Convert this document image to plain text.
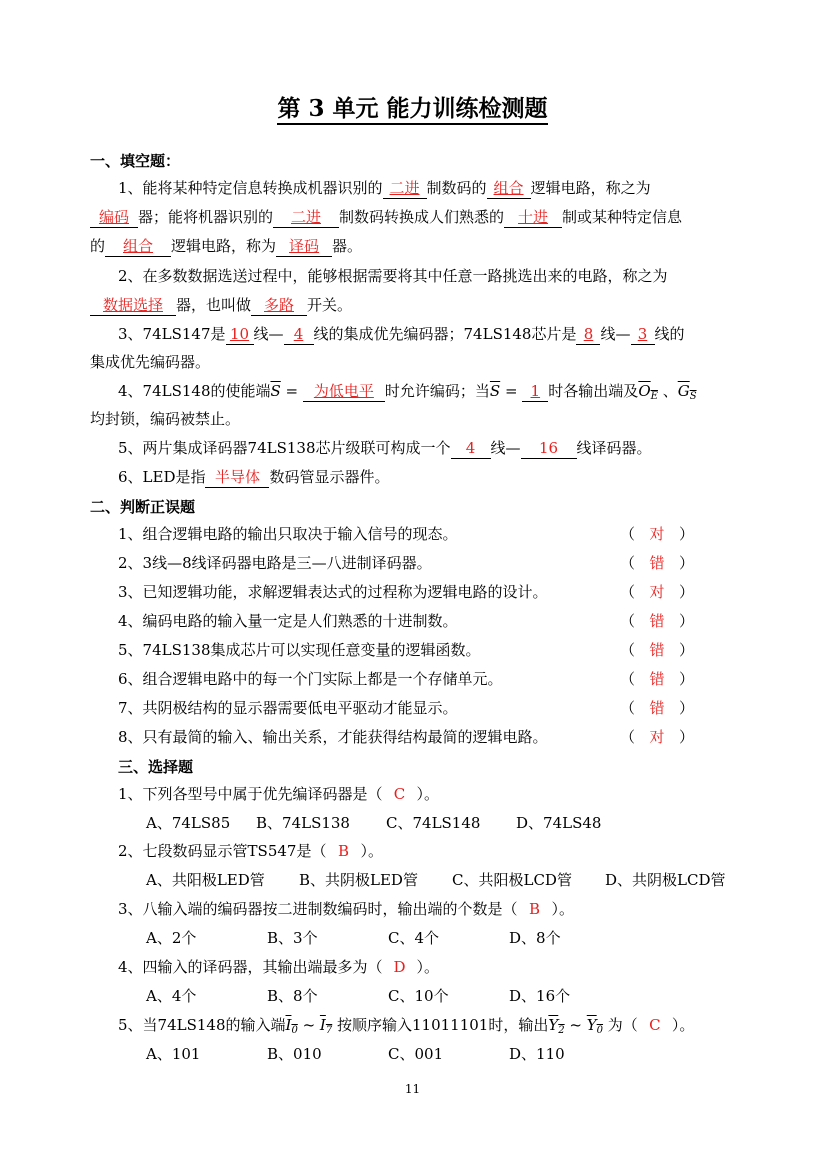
第 3 单元 能力训练检测题
一、填空题：
1、能将某种特定信息转换成机器识别的 二进 制数码的 组合 逻辑电路，称之为
编码 器；能将机器识别的 二进 制数码转换成人们熟悉的 十进 制或某种特定信息
的 组合 逻辑电路，称为 译码 器。
2、在多数数据选送过程中，能够根据需要将其中任意一路挑选出来的电路，称之为
数据选择 器，也叫做 多路 开关。
3、74LS147是 10 线— 4 线的集成优先编码器；74LS148芯片是 8 线— 3 线的
集成优先编码器。
4、74LS148的使能端$\overline{S}$ = 为低电平 时允许编码；当$\overline{S} = 1$ 时各输出端及$O_E$ 、$G_S$
均封锁，编码被禁止。
5、两片集成译码器74LS138芯片级联可构成一个 4 线— 16 线译码器。
6、LED是指 半导体 数码管显示器件。
二、判断正误题
1、组合逻辑电路的输出只取决于输入信号的现态。	（ 对 ）
2、3线—8线译码器电路是三—八进制译码器。	（ 错 ）
3、已知逻辑功能，求解逻辑表达式的过程称为逻辑电路的设计。	（ 对 ）
4、编码电路的输入量一定是人们熟悉的十进制数。	（ 错 ）
5、74LS138集成芯片可以实现任意变量的逻辑函数。	（ 错 ）
6、组合逻辑电路中的每一个门实际上都是一个存储单元。	（ 错 ）
7、共阴极结构的显示器需要低电平驱动才能显示。	（ 错 ）
8、只有最简的输入、输出关系，才能获得结构最简的逻辑电路。	（ 对 ）
三、选择题
1、下列各型号中属于优先编译码器是（ C ）。
A、74LS85 B、74LS138 C、74LS148 D、74LS48
2、七段数码显示管TS547是（ B ）。
A、共阳极LED管 B、共阴极LED管 C、共阳极LCD管 D、共阴极LCD管
3、八输入端的编码器按二进制数编码时，输出端的个数是（ B ）。
A、2个	B、3个	C、4个	D、8个
4、四输入的译码器，其输出端最多为（ D ）。
A、4个	B、8个	C、10个	D、16个
5、当74LS148的输入端$I_0$ ~ $I_7$ 按顺序输入11011101时，输出$Y_2$ ~ $Y_0$ 为（ C ）。
A、101	B、010	C、001	D、110
11
